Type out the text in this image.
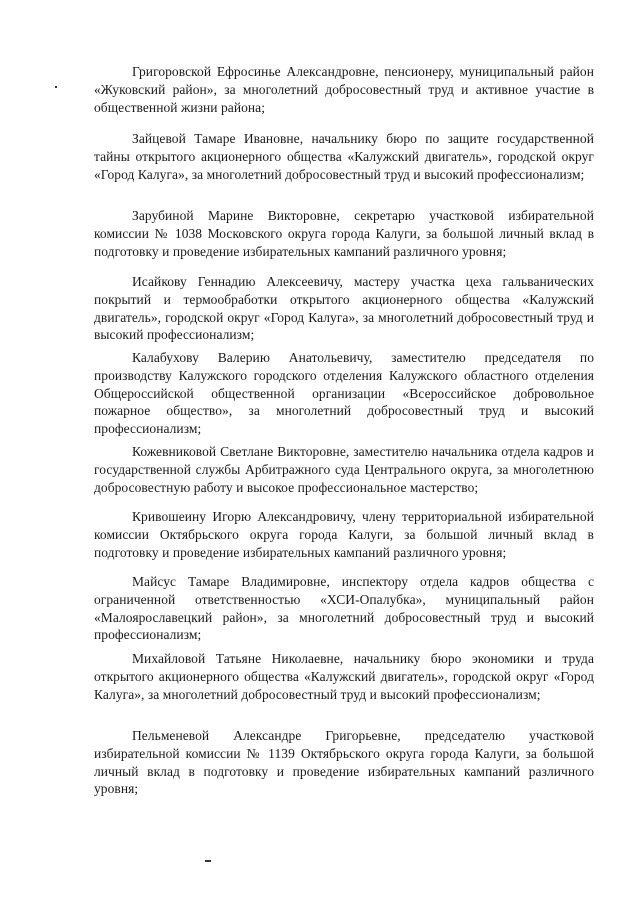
Григоровской Ефросинье Александровне, пенсионеру, муниципальный район «Жуковский район», за многолетний добросовестный труд и активное участие в общественной жизни района;

Зайцевой Тамаре Ивановне, начальнику бюро по защите государственной тайны открытого акционерного общества «Калужский двигатель», городской округ «Город Калуга», за многолетний добросовестный труд и высокий профессионализм;

Зарубиной Марине Викторовне, секретарю участковой избирательной комиссии № 1038 Московского округа города Калуги, за большой личный вклад в подготовку и проведение избирательных кампаний различного уровня;

Исайкову Геннадию Алексеевичу, мастеру участка цеха гальванических покрытий и термообработки открытого акционерного общества «Калужский двигатель», городской округ «Город Калуга», за многолетний добросовестный труд и высокий профессионализм;

Калабухову Валерию Анатольевичу, заместителю председателя по производству Калужского городского отделения Калужского областного отделения Общероссийской общественной организации «Всероссийское добровольное пожарное общество», за многолетний добросовестный труд и высокий профессионализм;

Кожевниковой Светлане Викторовне, заместителю начальника отдела кадров и государственной службы Арбитражного суда Центрального округа, за многолетнюю добросовестную работу и высокое профессиональное мастерство;

Кривошеину Игорю Александровичу, члену территориальной избирательной комиссии Октябрьского округа города Калуги, за большой личный вклад в подготовку и проведение избирательных кампаний различного уровня;

Майсус Тамаре Владимировне, инспектору отдела кадров общества с ограниченной ответственностью «ХСИ-Опалубка», муниципальный район «Малоярославецкий район», за многолетний добросовестный труд и высокий профессионализм;

Михайловой Татьяне Николаевне, начальнику бюро экономики и труда открытого акционерного общества «Калужский двигатель», городской округ «Город Калуга», за многолетний добросовестный труд и высокий профессионализм;

Пельменевой Александре Григорьевне, председателю участковой избирательной комиссии № 1139 Октябрьского округа города Калуги, за большой личный вклад в подготовку и проведение избирательных кампаний различного уровня;
